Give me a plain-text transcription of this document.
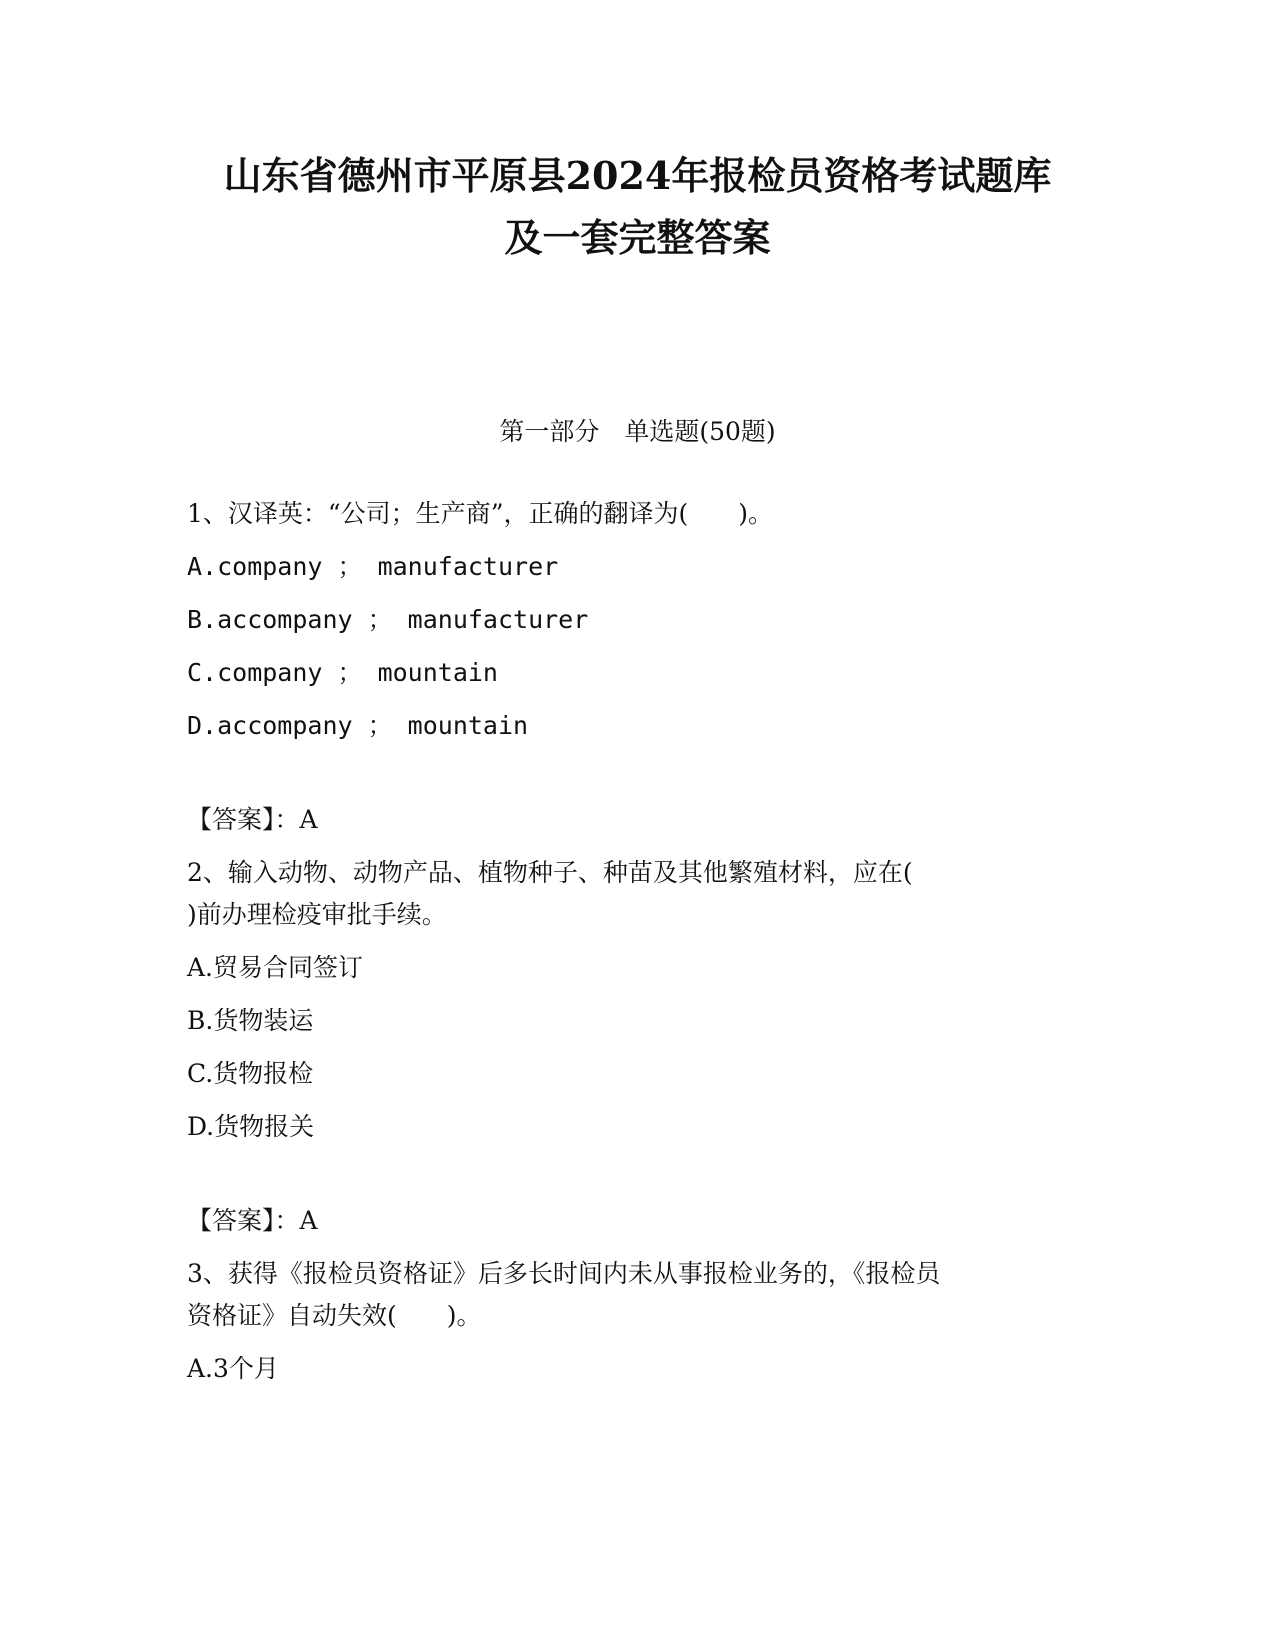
山东省德州市平原县2024年报检员资格考试题库
及一套完整答案
第一部分　单选题(50题)
1、汉译英：“公司；生产商”，正确的翻译为(　　)。
A.company ； manufacturer
B.accompany ； manufacturer
C.company ； mountain
D.accompany ； mountain
【答案】：A
2、输入动物、动物产品、植物种子、种苗及其他繁殖材料，应在(
)前办理检疫审批手续。
A.贸易合同签订
B.货物装运
C.货物报检
D.货物报关
【答案】：A
3、获得《报检员资格证》后多长时间内未从事报检业务的，《报检员
资格证》自动失效(　　)。
A.3个月
